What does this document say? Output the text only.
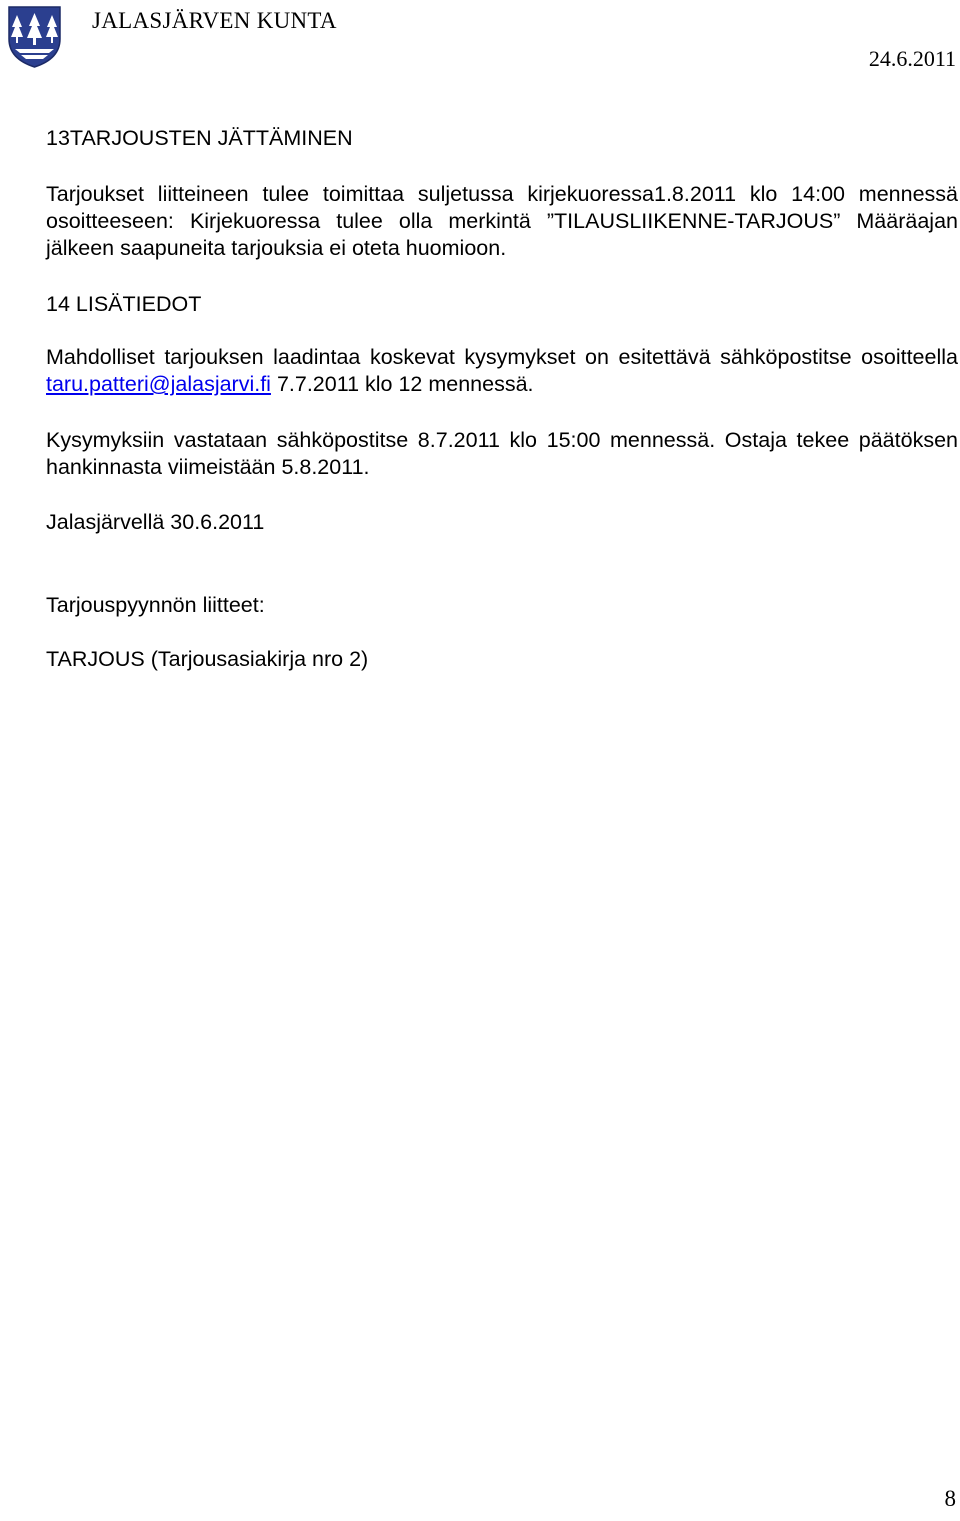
JALASJÄRVEN KUNTA
24.6.2011
13TARJOUSTEN JÄTTÄMINEN

Tarjoukset liitteineen tulee toimittaa suljetussa kirjekuoressa1.8.2011 klo 14:00 mennessä osoitteeseen: Kirjekuoressa tulee olla merkintä ”TILAUSLIIKENNE-TARJOUS” Määräajan jälkeen saapuneita tarjouksia ei oteta huomioon.

14 LISÄTIEDOT

Mahdolliset tarjouksen laadintaa koskevat kysymykset on esitettävä sähköpostitse osoitteella taru.patteri@jalasjarvi.fi 7.7.2011 klo 12 mennessä.

Kysymyksiin vastataan sähköpostitse 8.7.2011 klo 15:00 mennessä. Ostaja tekee päätöksen hankinnasta viimeistään 5.8.2011.

Jalasjärvellä 30.6.2011

Tarjouspyynnön liitteet:

TARJOUS (Tarjousasiakirja nro 2)

8
